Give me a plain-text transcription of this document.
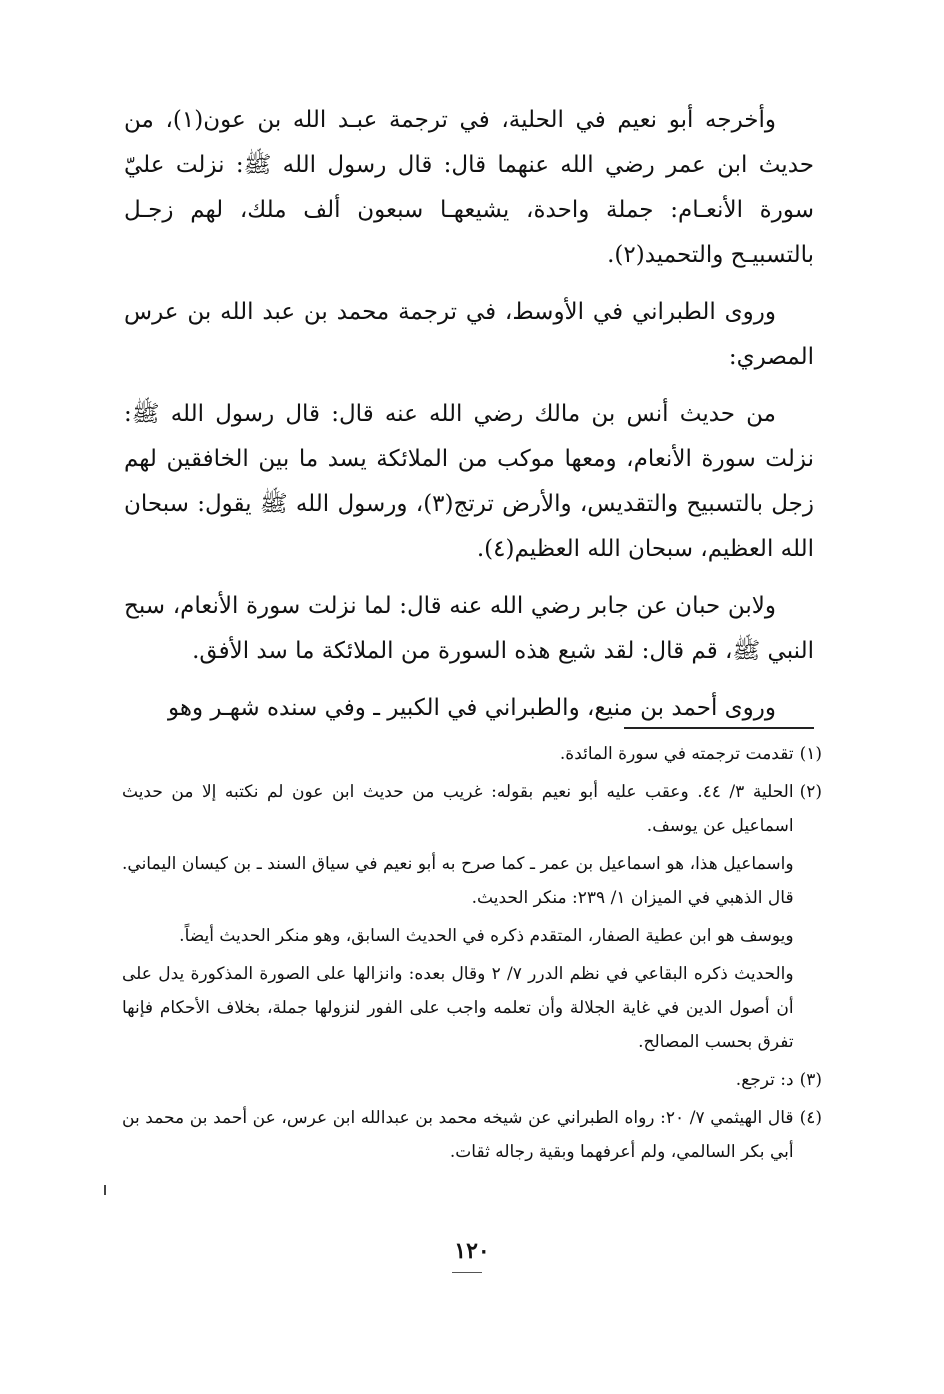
وأخرجه أبو نعيم في الحلية، في ترجمة عبـد الله بن عون(١)، من حديث ابن عمر رضي الله عنهما قال: قال رسول الله ﷺ: نزلت عليّ سورة الأنعـام: جملة واحدة، يشيعهـا سبعون ألف ملك، لهم زجـل بالتسبيـح والتحميد(٢).

وروى الطبراني في الأوسط، في ترجمة محمد بن عبد الله بن عرس المصري:

من حديث أنس بن مالك رضي الله عنه قال: قال رسول الله ﷺ: نزلت سورة الأنعام، ومعها موكب من الملائكة يسد ما بين الخافقين لهم زجل بالتسبيح والتقديس، والأرض ترتج(٣)، ورسول الله ﷺ يقول: سبحان الله العظيم، سبحان الله العظيم(٤).

ولابن حبان عن جابر رضي الله عنه قال: لما نزلت سورة الأنعام، سبح النبي ﷺ، قم قال: لقد شيع هذه السورة من الملائكة ما سد الأفق.

وروى أحمد بن منيع، والطبراني في الكبير ـ وفي سنده شهـر وهو

(١)

تقدمت ترجمته في سورة المائدة.

(٢)

الحلية ٣/ ٤٤. وعقب عليه أبو نعيم بقوله: غريب من حديث ابن عون لم نكتبه إلا من حديث اسماعيل عن يوسف.

واسماعيل هذا، هو اسماعيل بن عمر ـ كما صرح به أبو نعيم في سياق السند ـ بن كيسان اليماني. قال الذهبي في الميزان ١/ ٢٣٩: منكر الحديث.

ويوسف هو ابن عطية الصفار، المتقدم ذكره في الحديث السابق، وهو منكر الحديث أيضاً.

والحديث ذكره البقاعي في نظم الدرر ٧/ ٢ وقال بعده: وانزالها على الصورة المذكورة يدل على أن أصول الدين في غاية الجلالة وأن تعلمه واجب على الفور لنزولها جملة، بخلاف الأحكام فإنها تفرق بحسب المصالح.

(٣)

د: ترجع.

(٤)

قال الهيثمي ٧/ ٢٠: رواه الطبراني عن شيخه محمد بن عبدالله ابن عرس، عن أحمد بن محمد بن أبي بكر السالمي، ولم أعرفهما وبقية رجاله ثقات.

١٢٠
